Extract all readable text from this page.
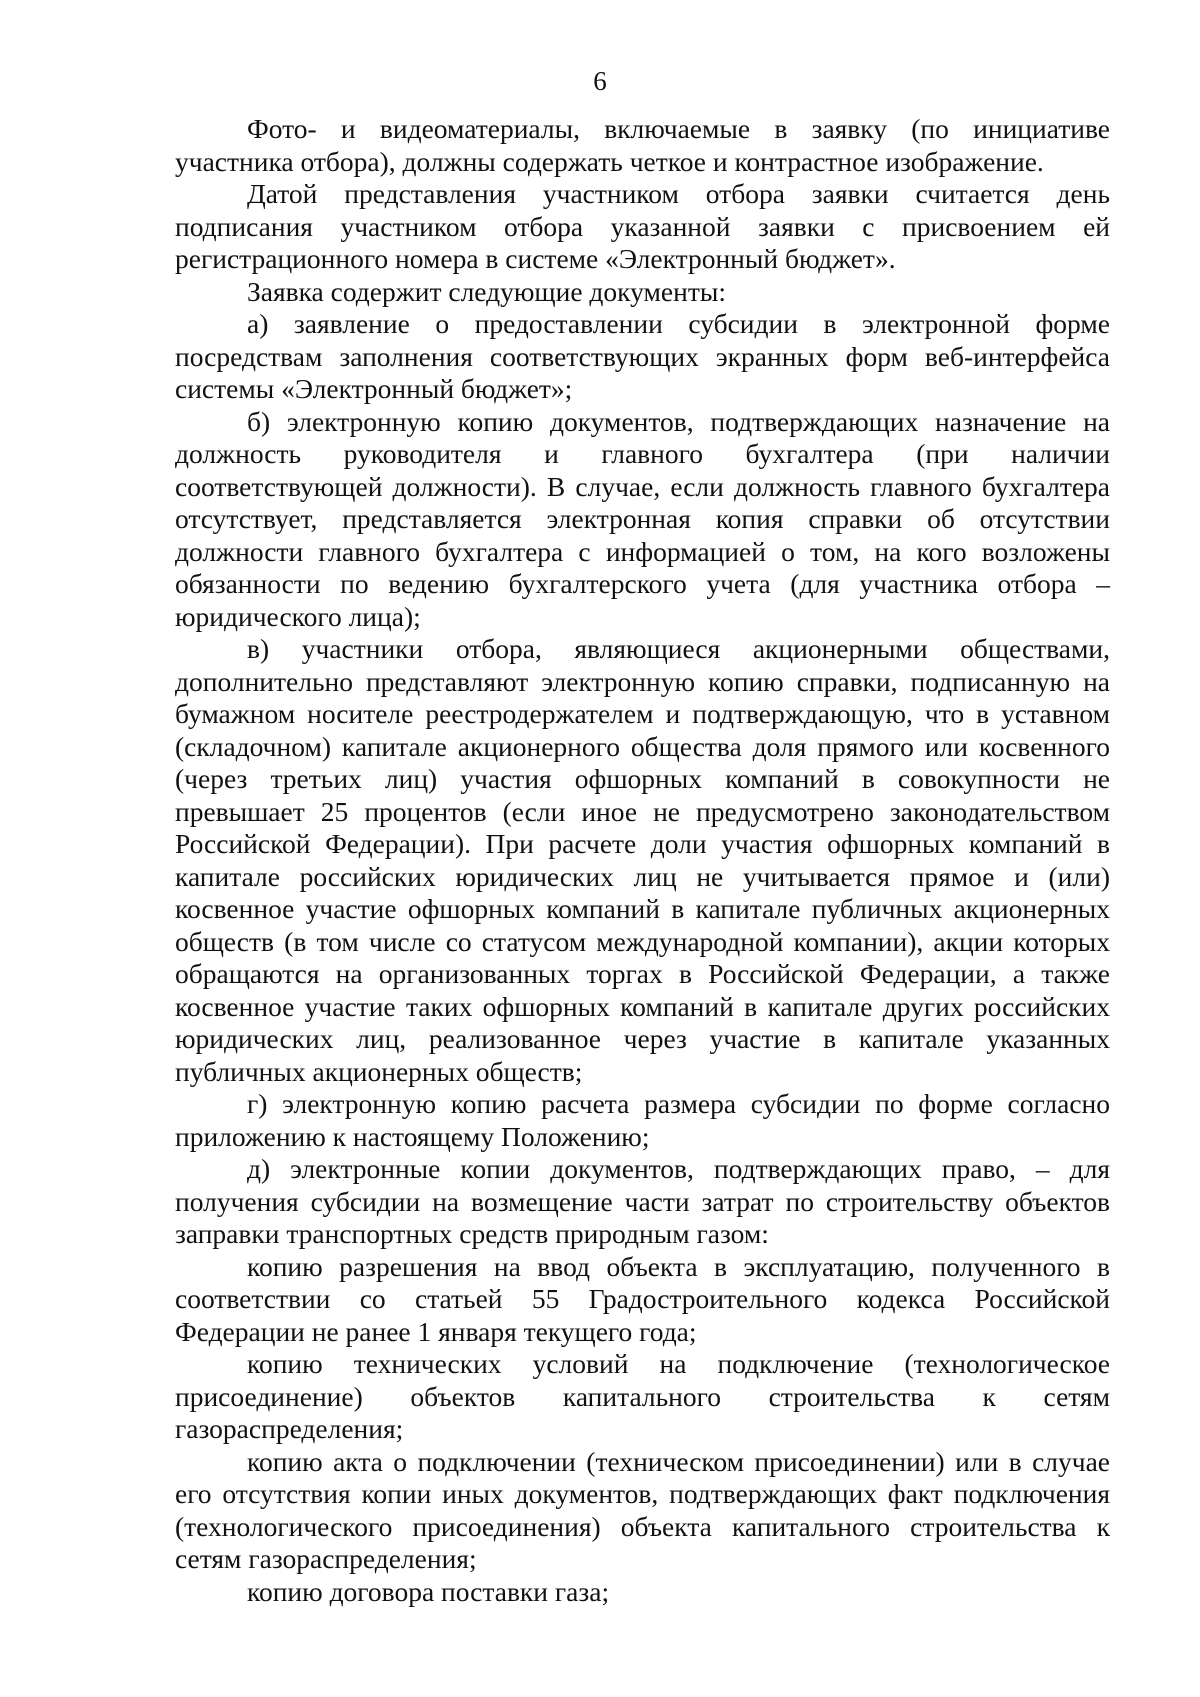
6

Фото- и видеоматериалы, включаемые в заявку (по инициативе участника отбора), должны содержать четкое и контрастное изображение.

Датой представления участником отбора заявки считается день подписания участником отбора указанной заявки с присвоением ей регистрационного номера в системе «Электронный бюджет».

Заявка содержит следующие документы:

а) заявление о предоставлении субсидии в электронной форме посредствам заполнения соответствующих экранных форм веб-интерфейса системы «Электронный бюджет»;

б) электронную копию документов, подтверждающих назначение на должность руководителя и главного бухгалтера (при наличии соответствующей должности). В случае, если должность главного бухгалтера отсутствует, представляется электронная копия справки об отсутствии должности главного бухгалтера с информацией о том, на кого возложены обязанности по ведению бухгалтерского учета (для участника отбора – юридического лица);

в) участники отбора, являющиеся акционерными обществами, дополнительно представляют электронную копию справки, подписанную на бумажном носителе реестродержателем и подтверждающую, что в уставном (складочном) капитале акционерного общества доля прямого или косвенного (через третьих лиц) участия офшорных компаний в совокупности не превышает 25 процентов (если иное не предусмотрено законодательством Российской Федерации). При расчете доли участия офшорных компаний в капитале российских юридических лиц не учитывается прямое и (или) косвенное участие офшорных компаний в капитале публичных акционерных обществ (в том числе со статусом международной компании), акции которых обращаются на организованных торгах в Российской Федерации, а также косвенное участие таких офшорных компаний в капитале других российских юридических лиц, реализованное через участие в капитале указанных публичных акционерных обществ;

г) электронную копию расчета размера субсидии по форме согласно приложению к настоящему Положению;

д) электронные копии документов, подтверждающих право, – для получения субсидии на возмещение части затрат по строительству объектов заправки транспортных средств природным газом:

копию разрешения на ввод объекта в эксплуатацию, полученного в соответствии со статьей 55 Градостроительного кодекса Российской Федерации не ранее 1 января текущего года;

копию технических условий на подключение (технологическое присоединение) объектов капитального строительства к сетям газораспределения;

копию акта о подключении (техническом присоединении) или в случае его отсутствия копии иных документов, подтверждающих факт подключения (технологического присоединения) объекта капитального строительства к сетям газораспределения;

копию договора поставки газа;
